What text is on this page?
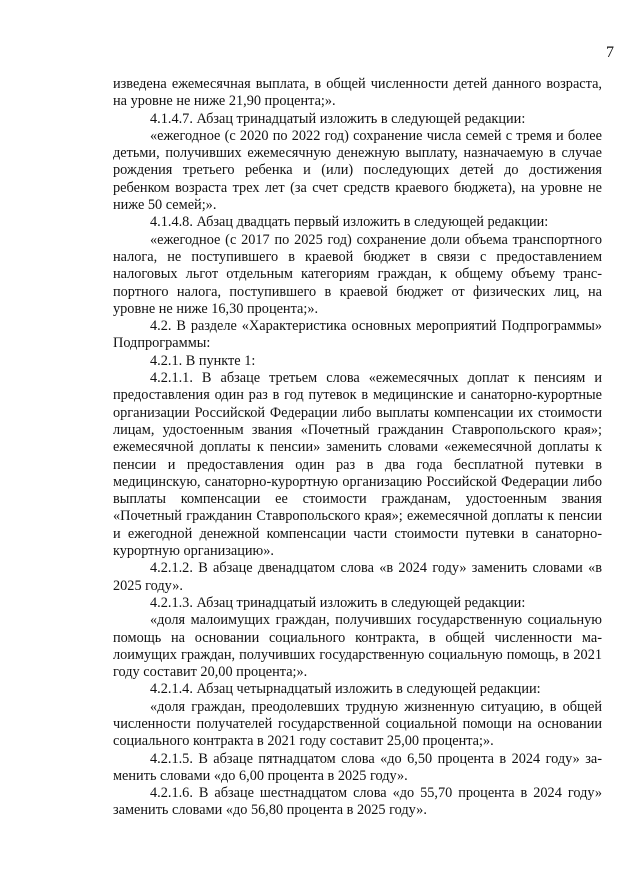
7

изведена ежемесячная выплата, в общей численности детей данного возраста, на уровне не ниже 21,90 процента;».

4.1.4.7. Абзац тринадцатый изложить в следующей редакции:

«ежегодное (с 2020 по 2022 год) сохранение числа семей с тремя и более детьми, получивших ежемесячную денежную выплату, назначаемую в случае рождения третьего ребенка и (или) последующих детей до достижения ребенком возраста трех лет (за счет средств краевого бюджета), на уровне не ниже 50 семей;».

4.1.4.8. Абзац двадцать первый изложить в следующей редакции:

«ежегодное (с 2017 по 2025 год) сохранение доли объема транспортного налога, не поступившего в краевой бюджет в связи с предоставлением налоговых льгот отдельным категориям граждан, к общему объему транспортного налога, поступившего в краевой бюджет от физических лиц, на уровне не ниже 16,30 процента;».

4.2. В разделе «Характеристика основных мероприятий Подпрограммы» Подпрограммы:

4.2.1. В пункте 1:

4.2.1.1. В абзаце третьем слова «ежемесячных доплат к пенсиям и предоставления один раз в год путевок в медицинские и санаторно-курортные организации Российской Федерации либо выплаты компенсации их стоимости лицам, удостоенным звания «Почетный гражданин Ставропольского края»; ежемесячной доплаты к пенсии» заменить словами «ежемесячной доплаты к пенсии и предоставления один раз в два года бесплатной путевки в медицинскую, санаторно-курортную организацию Российской Федерации либо выплаты компенсации ее стоимости гражданам, удостоенным звания «Почетный гражданин Ставропольского края»; ежемесячной доплаты к пенсии и ежегодной денежной компенсации части стоимости путевки в санаторно-курортную организацию».

4.2.1.2. В абзаце двенадцатом слова «в 2024 году» заменить словами «в 2025 году».

4.2.1.3. Абзац тринадцатый изложить в следующей редакции:

«доля малоимущих граждан, получивших государственную социальную помощь на основании социального контракта, в общей численности малоимущих граждан, получивших государственную социальную помощь, в 2021 году составит 20,00 процента;».

4.2.1.4. Абзац четырнадцатый изложить в следующей редакции:

«доля граждан, преодолевших трудную жизненную ситуацию, в общей численности получателей государственной социальной помощи на основании социального контракта в 2021 году составит 25,00 процента;».

4.2.1.5. В абзаце пятнадцатом слова «до 6,50 процента в 2024 году» заменить словами «до 6,00 процента в 2025 году».

4.2.1.6. В абзаце шестнадцатом слова «до 55,70 процента в 2024 году» заменить словами «до 56,80 процента в 2025 году».
